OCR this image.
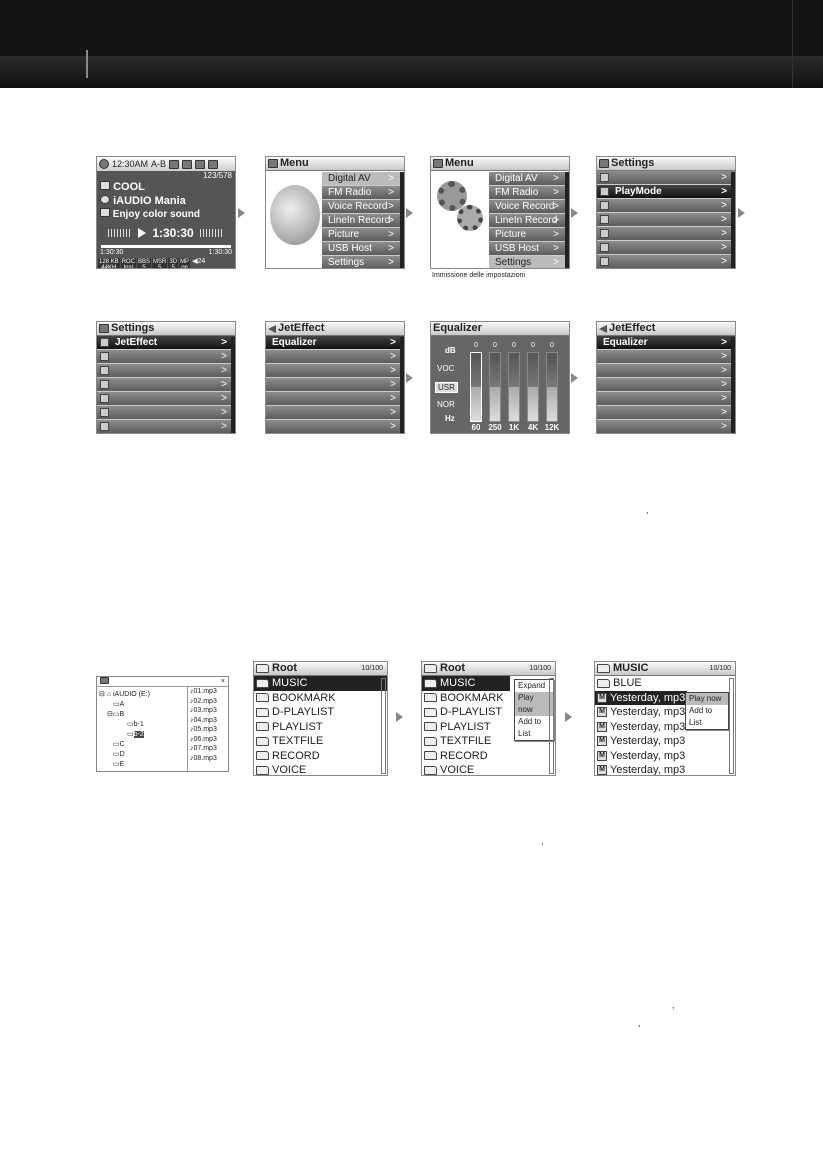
12:30AM A-B
123/578
COOL
iAUDIO Mania
Enjoy color sound
1:30:30
1:30:30	1:30:30
128 KB
44KH
ROC
Inst
BBS
5
MSR
5
3D
5
MP
on
◀24
Menu
Digital AV >
FM Radio >
Voice Record >
LineIn Record >
Picture >
USB Host >
Settings >
Menu
Digital AV >
FM Radio >
Voice Record >
LineIn Record >
Picture >
USB Host >
Settings >
Immissione delle impostazioni
Settings
>
PlayMode >
>
>
>
>
>
Settings
JetEffect >
>
>
>
>
>
>
JetEffect
Equalizer >
>
>
>
>
>
>
Equalizer
dB
VOC
USR
NOR
Hz
0
60
0
250
0
1K
0
4K
0
12K
JetEffect
Equalizer >
>
>
>
>
>
>
,
×
⊟ ⌂ iAUDIO (E:)
▭A
⊟▭B
▭b-1
▭b-2
▭C
▭D
▭E
♪01.mp3
♪02.mp3
♪03.mp3
♪04.mp3
♪05.mp3
♪06.mp3
♪07.mp3
♪08.mp3
Root	10/100
MUSIC
BOOKMARK
D-PLAYLIST
PLAYLIST
TEXTFILE
RECORD
VOICE
Root	10/100
MUSIC
BOOKMARK
D-PLAYLIST
PLAYLIST
TEXTFILE
RECORD
VOICE
Expand
Play now
Add to List
MUSIC	10/100
BLUE
M Yesterday, mp3
M Yesterday, mp3
M Yesterday, mp3
M Yesterday, mp3
M Yesterday, mp3
M Yesterday, mp3
Play now
Add to List
,
,
,
